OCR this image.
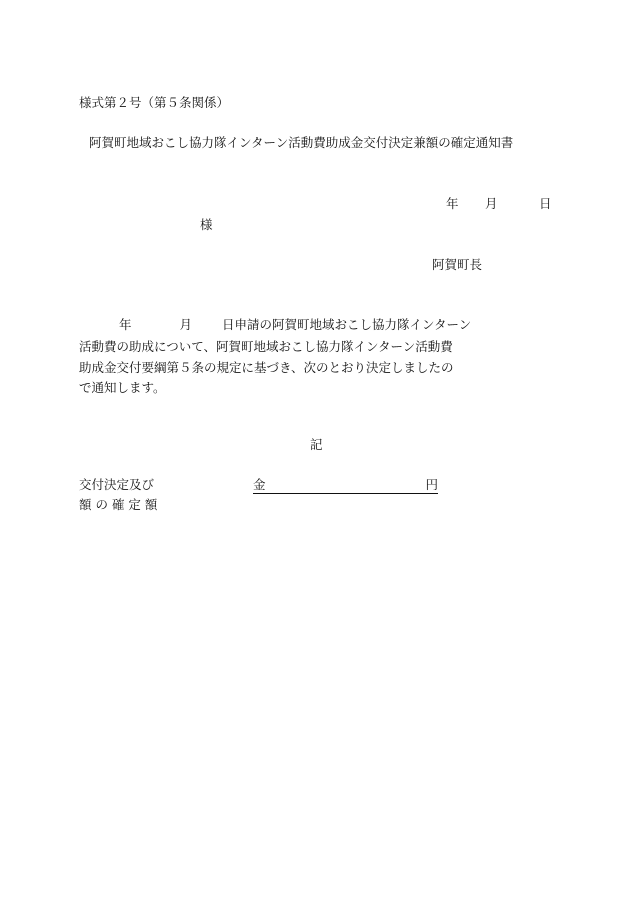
様式第２号（第５条関係）
阿賀町地域おこし協力隊インターン活動費助成金交付決定兼額の確定通知書
年 月	日
様
阿賀町長
年	月 日申請の阿賀町地域おこし協力隊インターン
活動費の助成について、阿賀町地域おこし協力隊インターン活動費
助成金交付要綱第５条の規定に基づき、次のとおり決定しましたの
で通知します。
記
交付決定及び
額 の 確 定 額
金	円
